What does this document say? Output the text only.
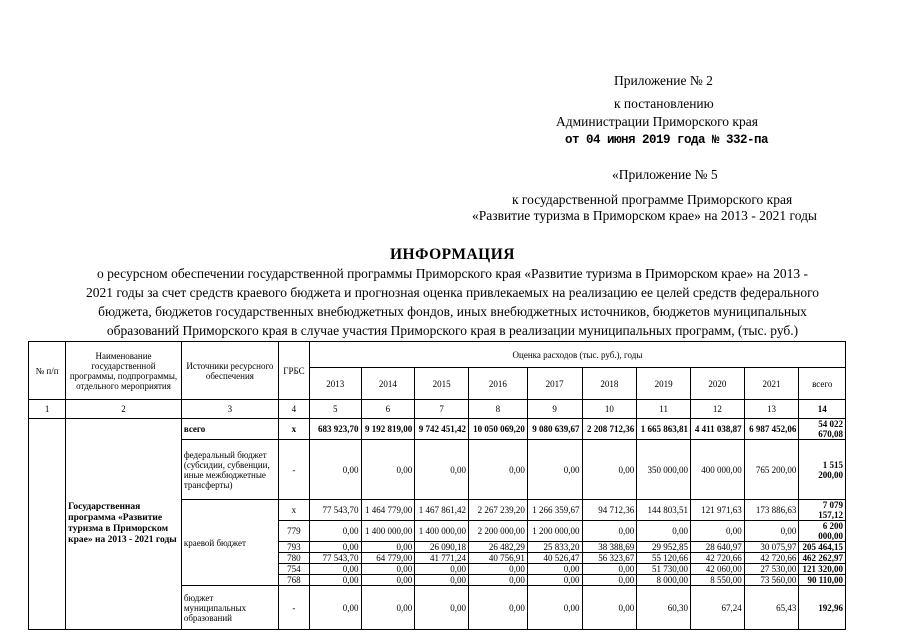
Приложение № 2
к постановлению
Администрации Приморского края
от 04 июня 2019 года № 332-па
«Приложение № 5
к государственной программе Приморского края
«Развитие туризма в Приморском крае» на 2013 - 2021 годы
ИНФОРМАЦИЯ
о ресурсном обеспечении государственной программы Приморского края «Развитие туризма в Приморском крае» на 2013 -
2021 годы за счет средств краевого бюджета и прогнозная оценка привлекаемых на реализацию ее целей средств федерального
бюджета, бюджетов государственных внебюджетных фондов, иных внебюджетных источников, бюджетов муниципальных
образований Приморского края в случае участия Приморского края в реализации муниципальных программ, (тыс. руб.)
№ п/п	Наименование государственной программы, подпрограммы, отдельного мероприятия	Источники ресурсного обеспечения	ГРБС	Оценка расходов (тыс. руб.), годы									
				2013	2014	2015	2016	2017	2018	2019	2020	2021	всего
1	2	3	4	5	6	7	8	9	10	11	12	13	14
	Государственная программа «Развитие туризма в Приморском крае» на 2013 - 2021 годы	всего	x	683 923,70	9 192 819,00	9 742 451,42	10 050 069,20	9 080 639,67	2 208 712,36	1 665 863,81	4 411 038,87	6 987 452,06	54 022 670,08
		федеральный бюджет (субсидии, субвенции, иные межбюджетные трансферты)	-	0,00	0,00	0,00	0,00	0,00	0,00	350 000,00	400 000,00	765 200,00	1 515 200,00
		краевой бюджет	x	77 543,70	1 464 779,00	1 467 861,42	2 267 239,20	1 266 359,67	94 712,36	144 803,51	121 971,63	173 886,63	7 079 157,12
			779	0,00	1 400 000,00	1 400 000,00	2 200 000,00	1 200 000,00	0,00	0,00	0,00	0,00	6 200 000,00
			793	0,00	0,00	26 090,18	26 482,29	25 833,20	38 388,69	29 952,85	28 640,97	30 075,97	205 464,15
			780	77 543,70	64 779,00	41 771,24	40 756,91	40 526,47	56 323,67	55 120,66	42 720,66	42 720,66	462 262,97
			754	0,00	0,00	0,00	0,00	0,00	0,00	51 730,00	42 060,00	27 530,00	121 320,00
			768	0,00	0,00	0,00	0,00	0,00	0,00	8 000,00	8 550,00	73 560,00	90 110,00
		бюджет муниципальных образований	-	0,00	0,00	0,00	0,00	0,00	0,00	60,30	67,24	65,43	192,96
